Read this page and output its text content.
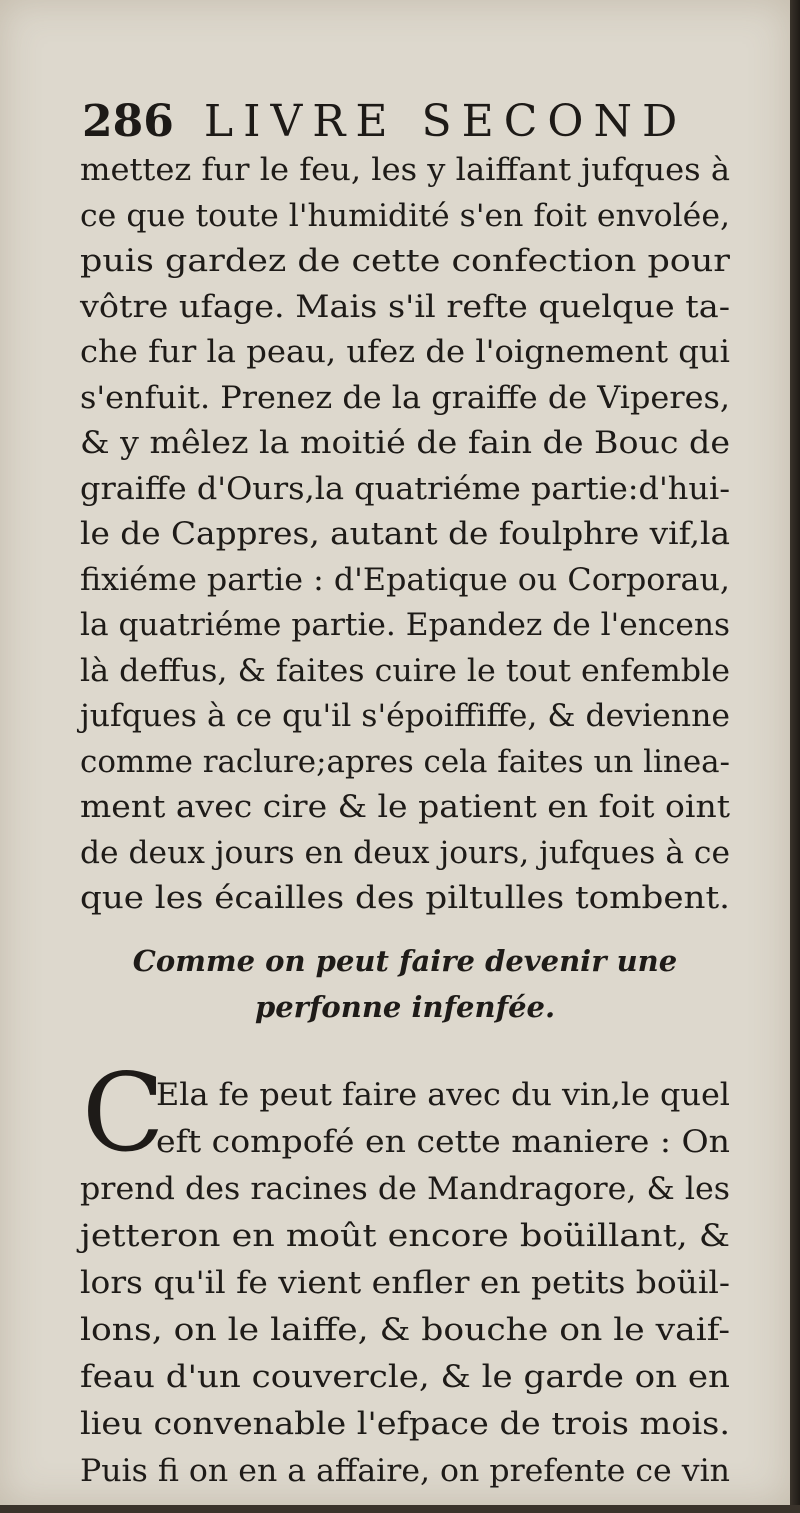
286 LIVRE SECOND
mettez fur le feu, les y laiffant jufques à
ce que toute l'humidité s'en foit envolée,
puis gardez de cette confection pour
vôtre ufage. Mais s'il refte quelque ta-
che fur la peau, ufez de l'oignement qui
s'enfuit. Prenez de la graiffe de Viperes,
& y mêlez la moitié de fain de Bouc de
graiffe d'Ours,la quatriéme partie:d'hui-
le de Cappres, autant de foulphre vif,la
fixiéme partie : d'Epatique ou Corporau,
la quatriéme partie. Epandez de l'encens
là deffus, & faites cuire le tout enfemble
jufques à ce qu'il s'époiffiffe, & devienne
comme raclure;apres cela faites un linea-
ment avec cire & le patient en foit oint
de deux jours en deux jours, jufques à ce
que les écailles des piltulles tombent.
Comme on peut faire devenir une
perfonne infenfée.
C
Ela fe peut faire avec du vin,le quel
eft compofé en cette maniere : On
prend des racines de Mandragore, & les
jetteron en moût encore boüillant, &
lors qu'il fe vient enfler en petits boüil-
lons, on le laiffe, & bouche on le vaif-
feau d'un couvercle, & le garde on en
lieu convenable l'efpace de trois mois.
Puis fi on en a affaire, on prefente ce vin
